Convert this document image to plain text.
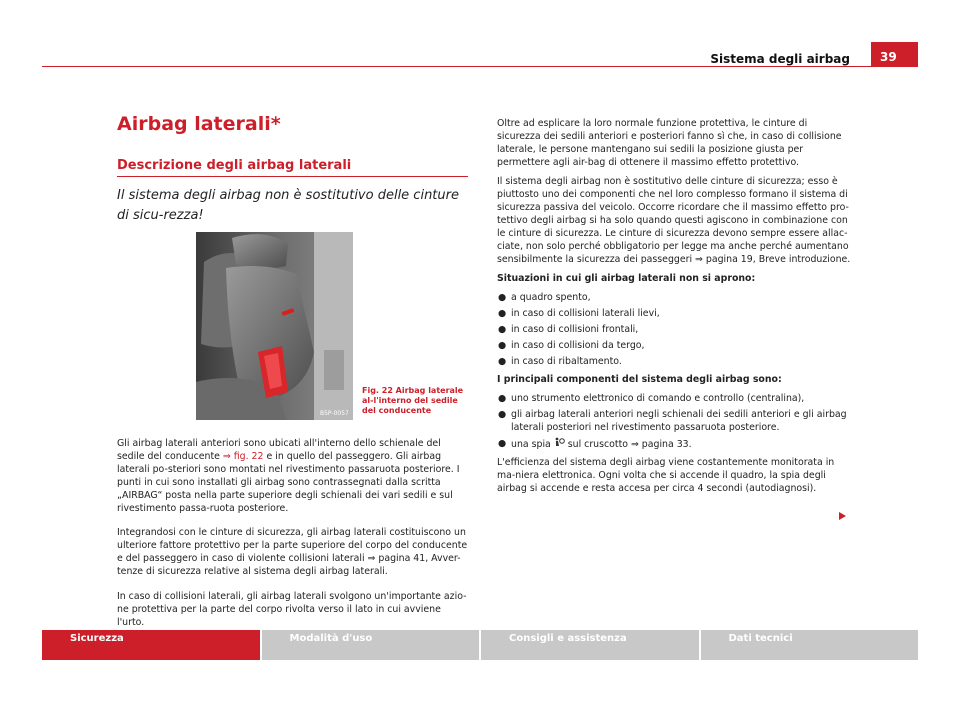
Sistema degli airbag	39
Airbag laterali*
Descrizione degli airbag laterali
Il sistema degli airbag non è sostitutivo delle cinture di sicu-rezza!
B5P-0057
Fig. 22 Airbag laterale al-l'interno del sedile del conducente
Gli airbag laterali anteriori sono ubicati all'interno dello schienale del sedile del conducente ⇒ fig. 22 e in quello del passeggero. Gli airbag laterali po-steriori sono montati nel rivestimento passaruota posteriore. I punti in cui sono installati gli airbag sono contrassegnati dalla scritta „AIRBAG“ posta nella parte superiore degli schienali dei vari sedili e sul rivestimento passa-ruota posteriore.
Integrandosi con le cinture di sicurezza, gli airbag laterali costituiscono un ulteriore fattore protettivo per la parte superiore del corpo del conducente e del passeggero in caso di violente collisioni laterali ⇒ pagina 41, Avver-tenze di sicurezza relative al sistema degli airbag laterali.
In caso di collisioni laterali, gli airbag laterali svolgono un'importante azio-ne protettiva per la parte del corpo rivolta verso il lato in cui avviene l'urto.

Oltre ad esplicare la loro normale funzione protettiva, le cinture di sicurezza dei sedili anteriori e posteriori fanno sì che, in caso di collisione laterale, le persone mantengano sui sedili la posizione giusta per permettere agli air-bag di ottenere il massimo effetto protettivo.

Il sistema degli airbag non è sostitutivo delle cinture di sicurezza; esso è piuttosto uno dei componenti che nel loro complesso formano il sistema di sicurezza passiva del veicolo. Occorre ricordare che il massimo effetto pro-tettivo degli airbag si ha solo quando questi agiscono in combinazione con le cinture di sicurezza. Le cinture di sicurezza devono sempre essere allac-ciate, non solo perché obbligatorio per legge ma anche perché aumentano sensibilmente la sicurezza dei passeggeri ⇒ pagina 19, Breve introduzione.

Situazioni in cui gli airbag laterali non si aprono:

● a quadro spento,
● in caso di collisioni laterali lievi,
● in caso di collisioni frontali,
● in caso di collisioni da tergo,
● in caso di ribaltamento.

I principali componenti del sistema degli airbag sono:

● uno strumento elettronico di comando e controllo (centralina),
● gli airbag laterali anteriori negli schienali dei sedili anteriori e gli airbag laterali posteriori nel rivestimento passaruota posteriore.
● una spia  sul cruscotto ⇒ pagina 33.

L'efficienza del sistema degli airbag viene costantemente monitorata in ma-niera elettronica. Ogni volta che si accende il quadro, la spia degli airbag si accende e resta accesa per circa 4 secondi (autodiagnosi).

Sicurezza	Modalità d'uso	Consigli e assistenza	Dati tecnici
